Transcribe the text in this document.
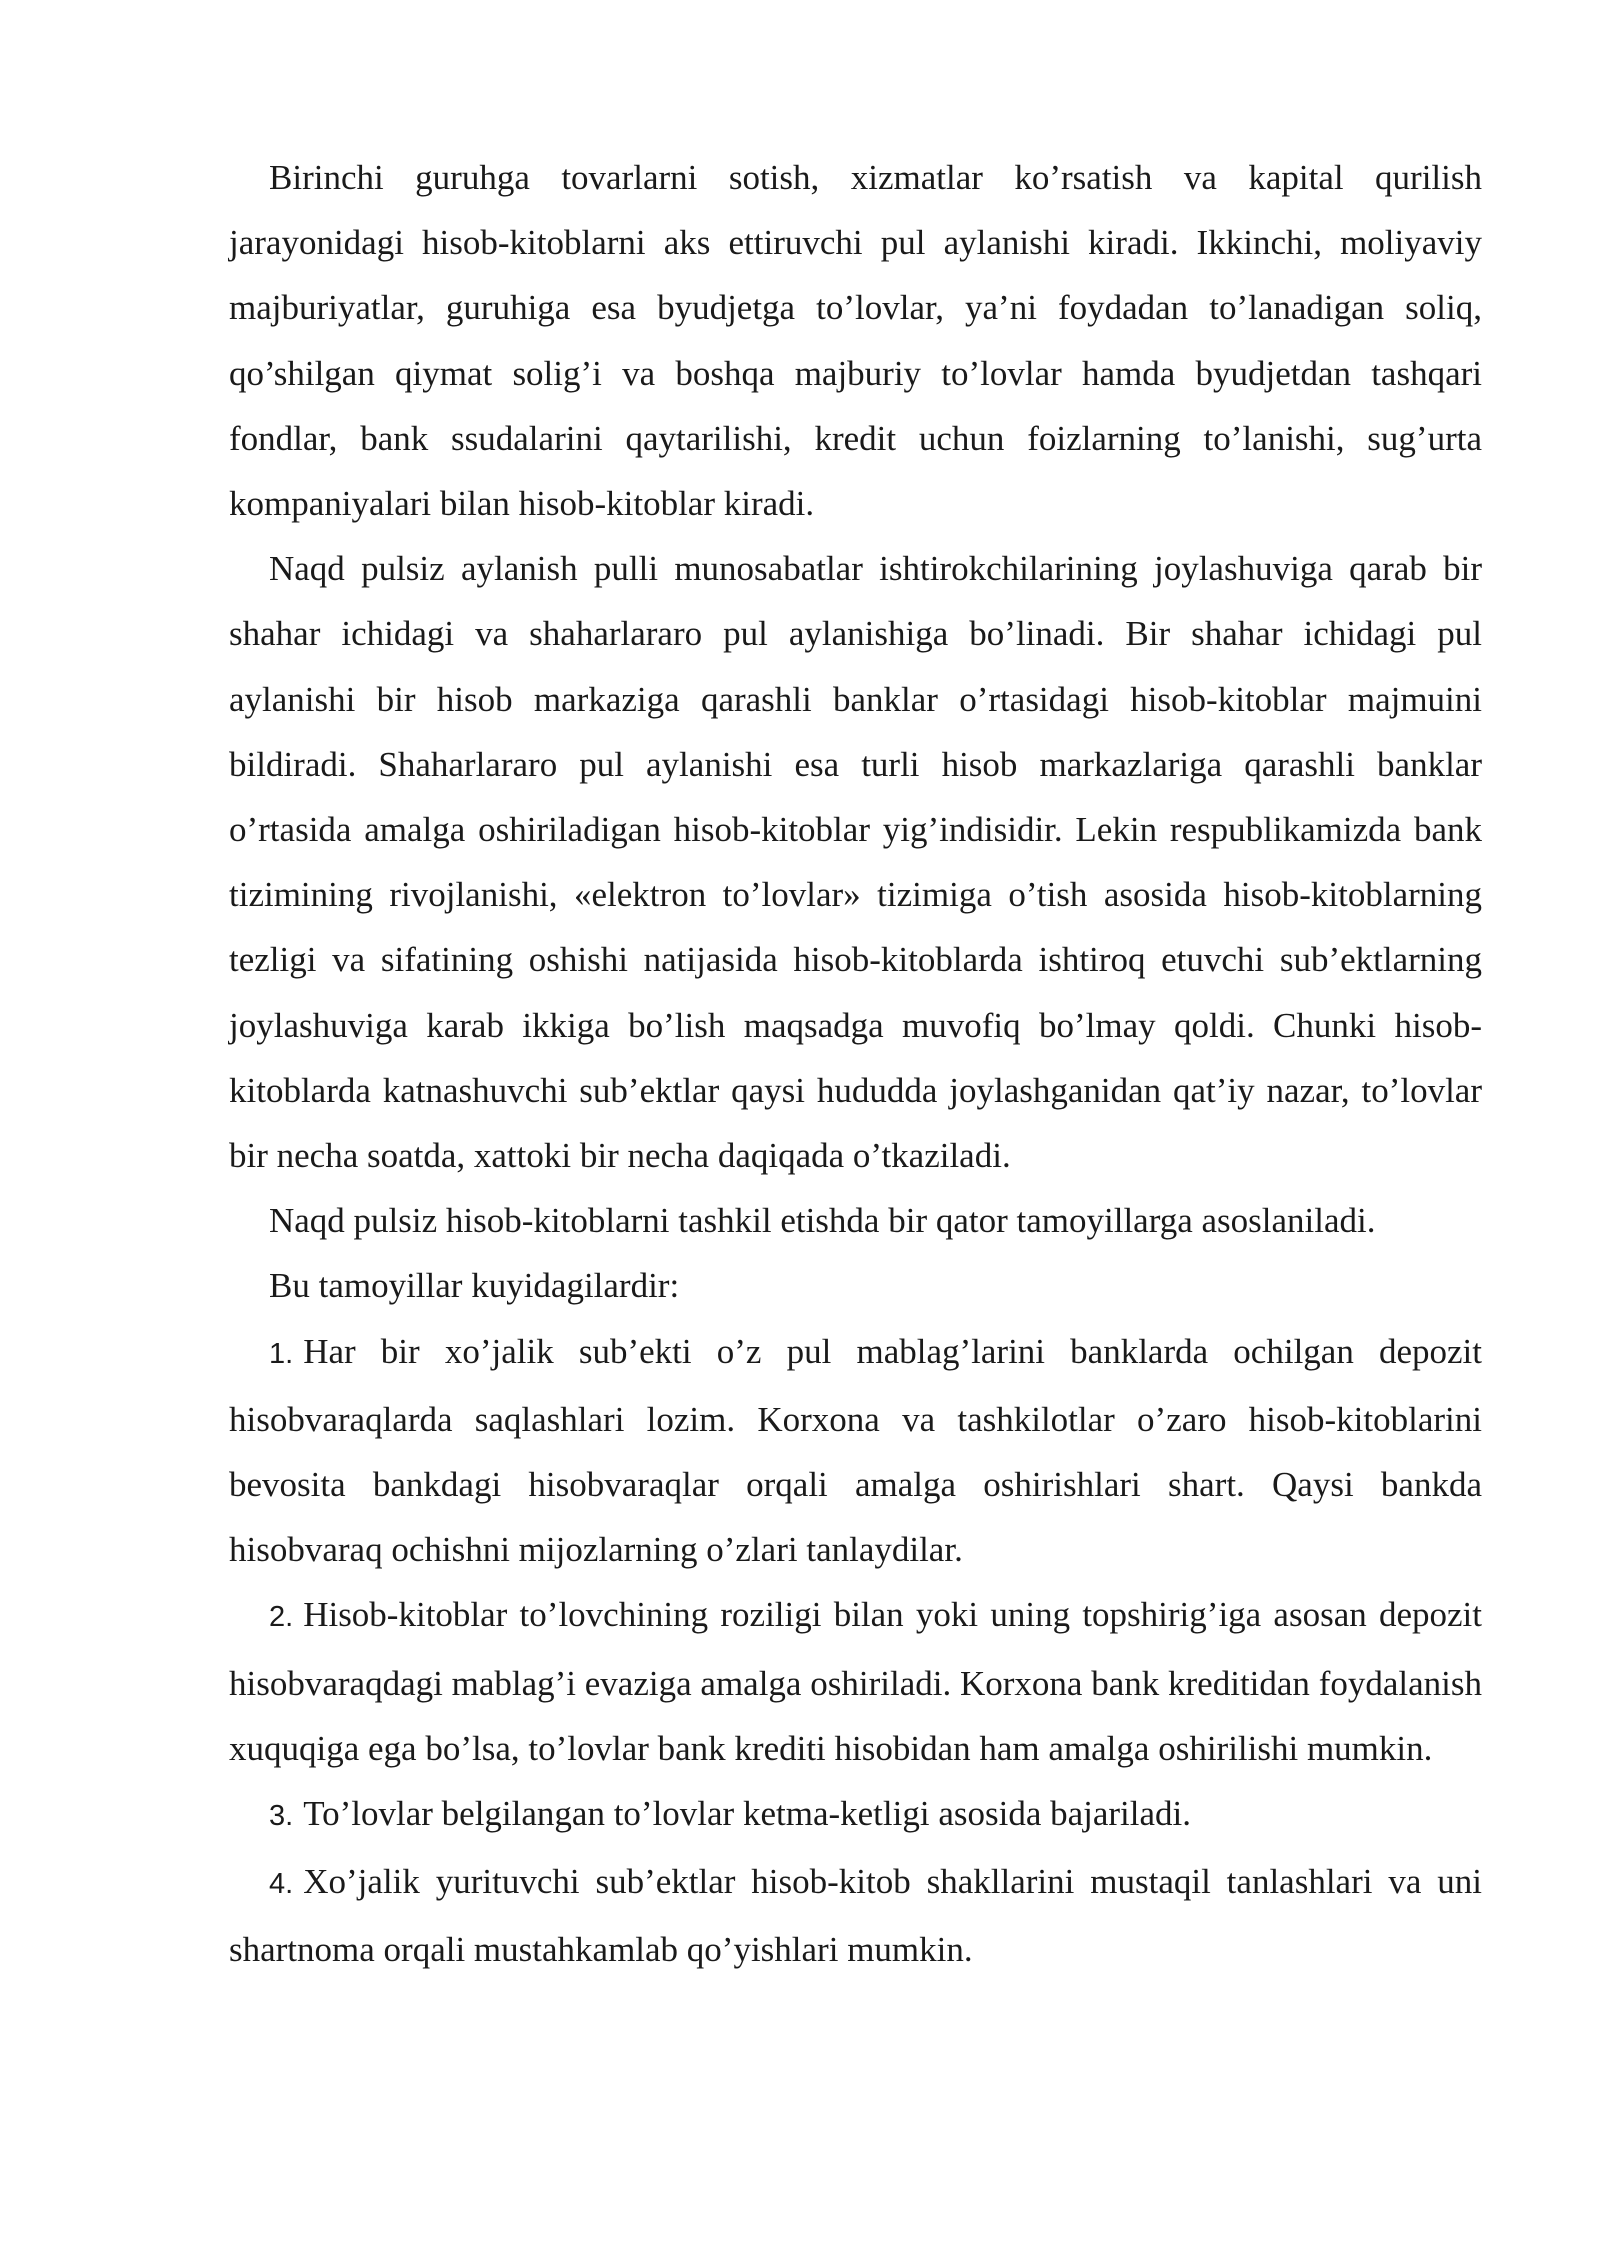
Birinchi guruhga tovarlarni sotish, xizmatlar ko’rsatish va kapital qurilish jarayonidagi hisob-kitoblarni aks ettiruvchi pul aylanishi kiradi. Ikkinchi, moliyaviy majburiyatlar, guruhiga esa byudjetga to’lovlar, ya’ni foydadan to’lanadigan soliq, qo’shilgan qiymat solig’i va boshqa majburiy to’lovlar hamda byudjetdan tashqari fondlar, bank ssudalarini qaytarilishi, kredit uchun foizlarning to’lanishi, sug’urta kompaniyalari bilan hisob-kitoblar kiradi.

Naqd pulsiz aylanish pulli munosabatlar ishtirokchilarining joylashuviga qarab bir shahar ichidagi va shaharlararo pul aylanishiga bo’linadi. Bir shahar ichidagi pul aylanishi bir hisob markaziga qarashli banklar o’rtasidagi hisob-kitoblar majmuini bildiradi. Shaharlararo pul aylanishi esa turli hisob markazlariga qarashli banklar o’rtasida amalga oshiriladigan hisob-kitoblar yig’indisidir. Lekin respublikamizda bank tizimining rivojlanishi, «elektron to’lovlar» tizimiga o’tish asosida hisob-kitoblarning tezligi va sifatining oshishi natijasida hisob-kitoblarda ishtiroq etuvchi sub’ektlarning joylashuviga karab ikkiga bo’lish maqsadga muvofiq bo’lmay qoldi. Chunki hisob-kitoblarda katnashuvchi sub’ektlar qaysi hududda joylashganidan qat’iy nazar, to’lovlar bir necha soatda, xattoki bir necha daqiqada o’tkaziladi.

Naqd pulsiz hisob-kitoblarni tashkil etishda bir qator tamoyillarga asoslaniladi.

Bu tamoyillar kuyidagilardir:

1. Har bir xo’jalik sub’ekti o’z pul mablag’larini banklarda ochilgan depozit hisobvaraqlarda saqlashlari lozim. Korxona va tashkilotlar o’zaro hisob-kitoblarini bevosita bankdagi hisobvaraqlar orqali amalga oshirishlari shart. Qaysi bankda hisobvaraq ochishni mijozlarning o’zlari tanlaydilar.

2. Hisob-kitoblar to’lovchining roziligi bilan yoki uning topshirig’iga asosan depozit hisobvaraqdagi mablag’i evaziga amalga oshiriladi. Korxona bank kreditidan foydalanish xuquqiga ega bo’lsa, to’lovlar bank krediti hisobidan ham amalga oshirilishi mumkin.

3. To’lovlar belgilangan to’lovlar ketma-ketligi asosida bajariladi.

4. Xo’jalik yurituvchi sub’ektlar hisob-kitob shakllarini mustaqil tanlashlari va uni shartnoma orqali mustahkamlab qo’yishlari mumkin.
